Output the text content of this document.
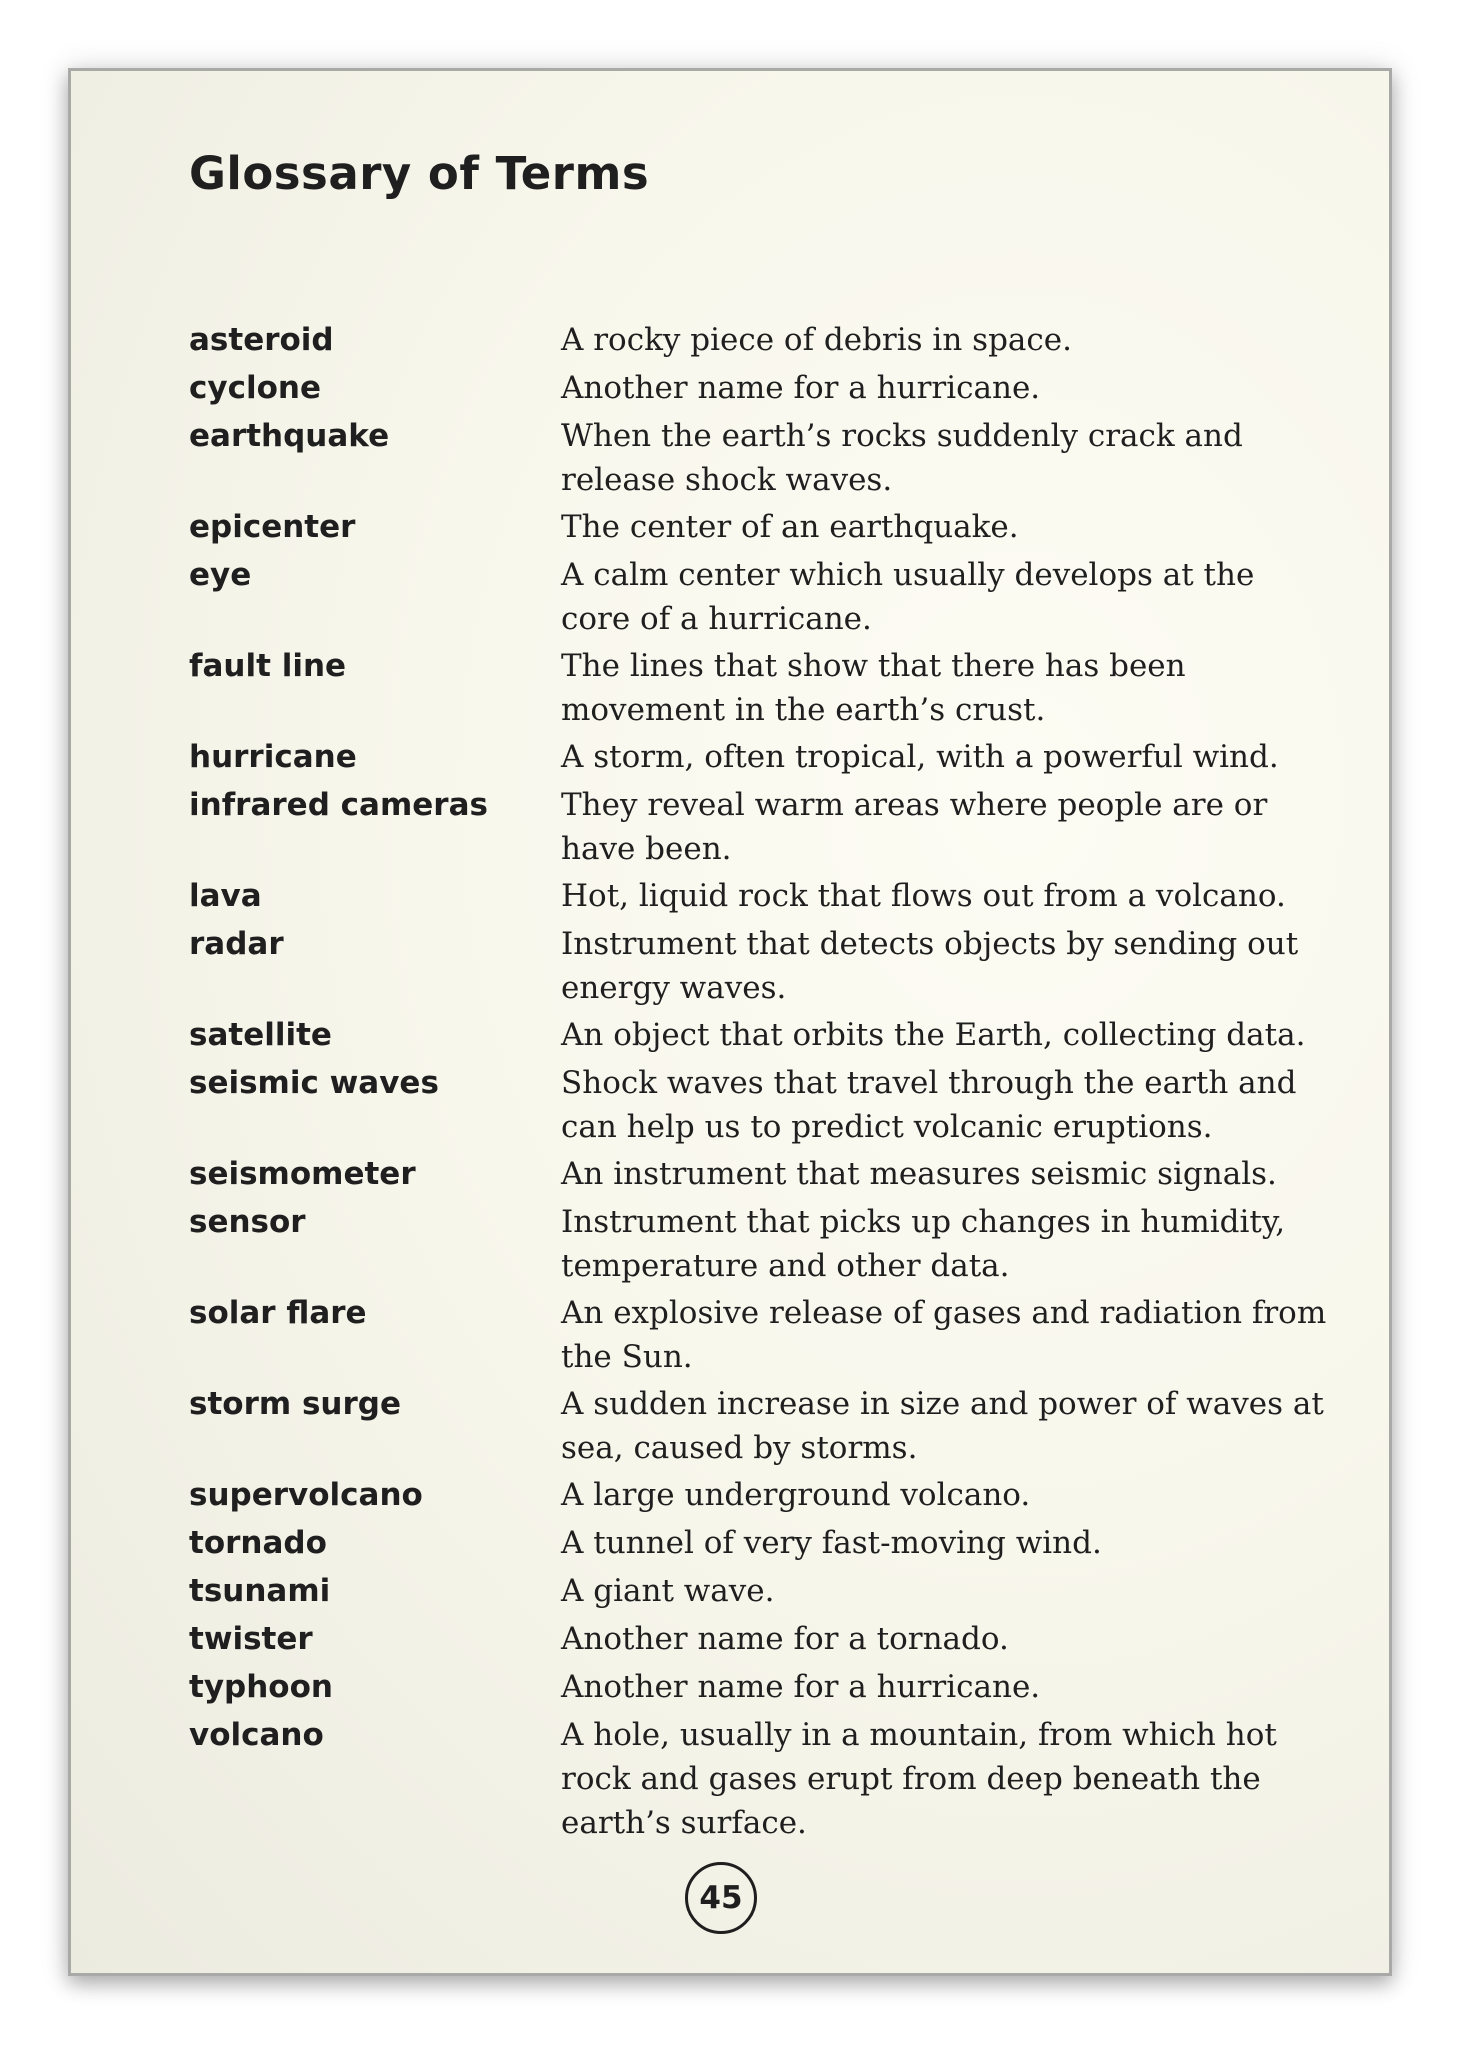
Glossary of Terms
asteroid	A rocky piece of debris in space.
cyclone	Another name for a hurricane.
earthquake	When the earth’s rocks suddenly crack and release shock waves.
epicenter	The center of an earthquake.
eye	A calm center which usually develops at the core of a hurricane.
fault line	The lines that show that there has been movement in the earth’s crust.
hurricane	A storm, often tropical, with a powerful wind.
infrared cameras	They reveal warm areas where people are or have been.
lava	Hot, liquid rock that flows out from a volcano.
radar	Instrument that detects objects by sending out energy waves.
satellite	An object that orbits the Earth, collecting data.
seismic waves	Shock waves that travel through the earth and can help us to predict volcanic eruptions.
seismometer	An instrument that measures seismic signals.
sensor	Instrument that picks up changes in humidity, temperature and other data.
solar flare	An explosive release of gases and radiation from the Sun.
storm surge	A sudden increase in size and power of waves at sea, caused by storms.
supervolcano	A large underground volcano.
tornado	A tunnel of very fast-moving wind.
tsunami	A giant wave.
twister	Another name for a tornado.
typhoon	Another name for a hurricane.
volcano	A hole, usually in a mountain, from which hot rock and gases erupt from deep beneath the earth’s surface.
45
